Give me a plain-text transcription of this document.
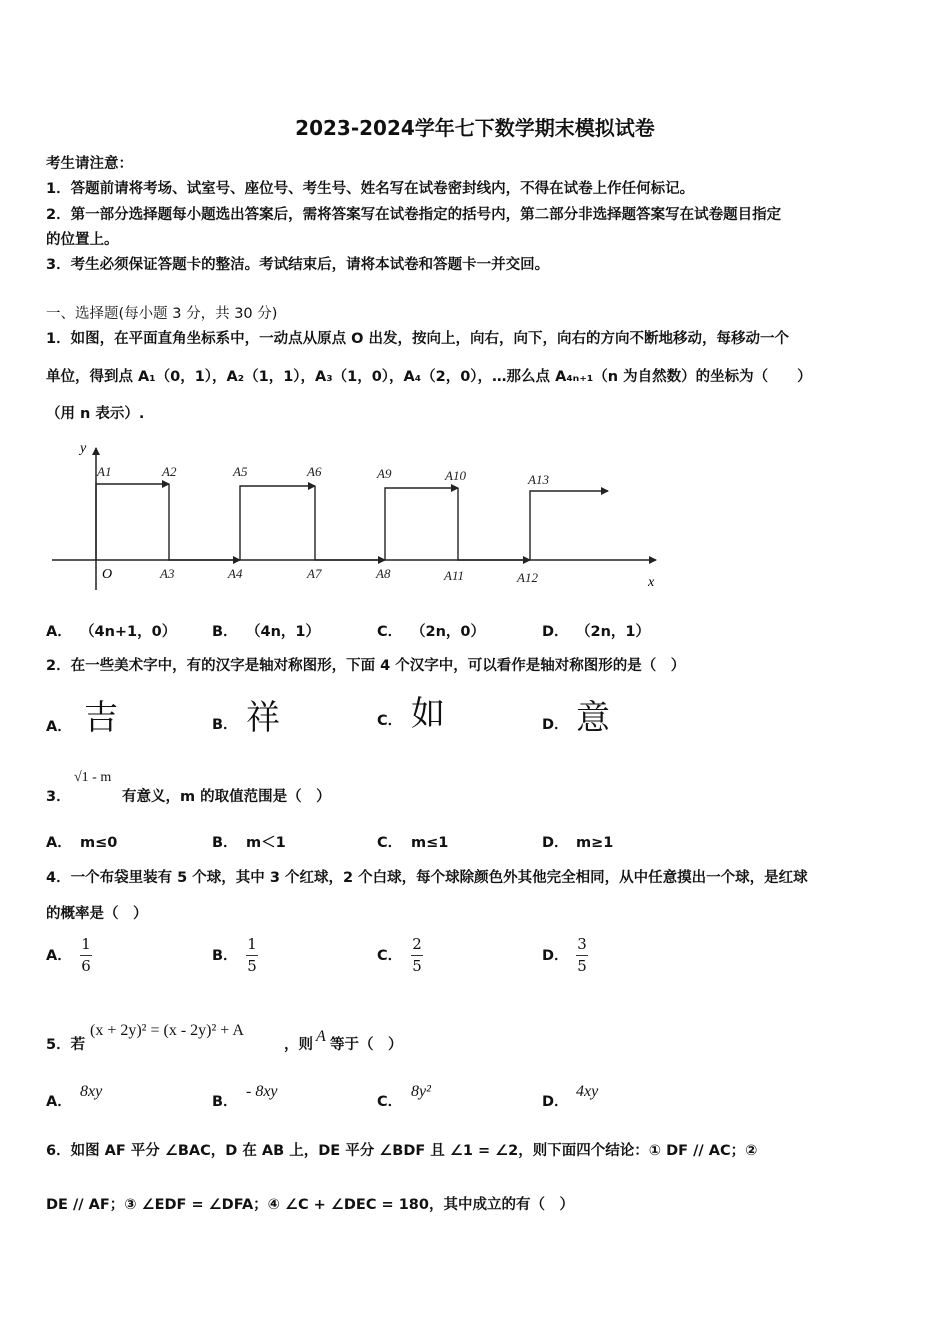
2023-2024学年七下数学期末模拟试卷
考生请注意：
1．答题前请将考场、试室号、座位号、考生号、姓名写在试卷密封线内，不得在试卷上作任何标记。
2．第一部分选择题每小题选出答案后，需将答案写在试卷指定的括号内，第二部分非选择题答案写在试卷题目指定
的位置上。
3．考生必须保证答题卡的整洁。考试结束后，请将本试卷和答题卡一并交回。
一、选择题(每小题 3 分，共 30 分)
1．如图，在平面直角坐标系中，一动点从原点 O 出发，按向上，向右，向下，向右的方向不断地移动，每移动一个
单位，得到点 A₁（0，1），A₂（1，1），A₃（1，0），A₄（2，0），…那么点 A₄ₙ₊₁（n 为自然数）的坐标为（　　）
（用 n 表示）.
y
x
O
A1	A2
A3	A4
A5	A6
A7	A8
A9	A10
A11	A12
A13
A． （4n+1，0） B． （4n，1）	C． （2n，0）	D． （2n，1）
2．在一些美术字中，有的汉字是轴对称图形，下面 4 个汉字中，可以看作是轴对称图形的是（　）
A． 吉	B． 祥	C． 如	D． 意
3．
√1 - m
有意义，m 的取值范围是（　）
A． m≤0	B． m＜1	C． m≤1	D． m≥1
4．一个布袋里装有 5 个球，其中 3 个红球，2 个白球，每个球除颜色外其他完全相同，从中任意摸出一个球，是红球
的概率是（　）
A． $\frac{1}{6}$	B． $\frac{1}{5}$	C． $\frac{2}{5}$	D． $\frac{3}{5}$
5．若
(x + 2y)² = (x - 2y)² + A
，则 A 等于（　）
A．8xy
B．- 8xy
C．8y²
D．4xy
6．如图 AF 平分 ∠BAC，D 在 AB 上，DE 平分 ∠BDF 且 ∠1 = ∠2，则下面四个结论：① DF // AC；②
DE // AF；③ ∠EDF = ∠DFA；④ ∠C + ∠DEC = 180，其中成立的有（　）
